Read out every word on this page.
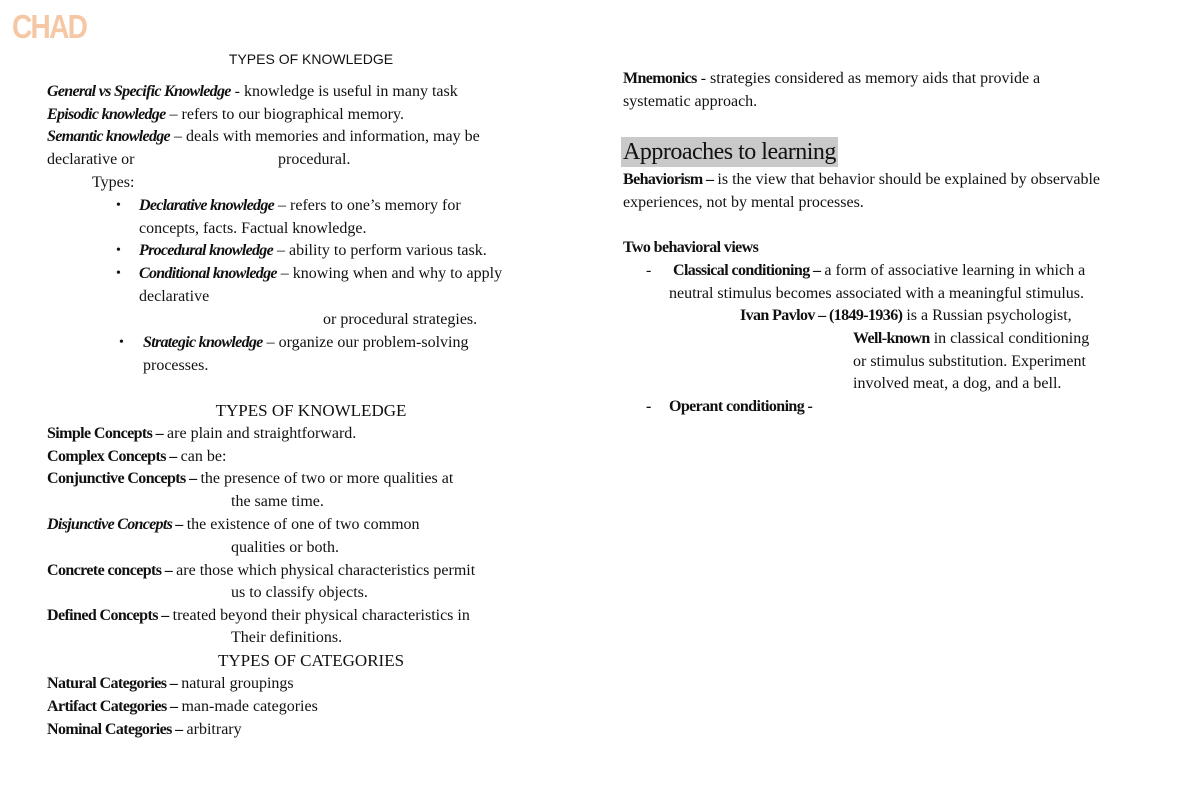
CHAD
TYPES OF KNOWLEDGE
General vs Specific Knowledge - knowledge is useful in many task
Episodic knowledge – refers to our biographical memory.
Semantic knowledge – deals with memories and information, may be
declarative or	procedural.
Types:
• Declarative knowledge – refers to one’s memory for
concepts, facts. Factual knowledge.
• Procedural knowledge – ability to perform various task.
• Conditional knowledge – knowing when and why to apply
declarative
or procedural strategies.
• Strategic knowledge – organize our problem-solving
processes.
TYPES OF KNOWLEDGE
Simple Concepts – are plain and straightforward.
Complex Concepts – can be:
Conjunctive Concepts – the presence of two or more qualities at
the same time.
Disjunctive Concepts – the existence of one of two common
qualities or both.
Concrete concepts – are those which physical characteristics permit
us to classify objects.
Defined Concepts – treated beyond their physical characteristics in
Their definitions.
TYPES OF CATEGORIES
Natural Categories – natural groupings
Artifact Categories – man-made categories
Nominal Categories – arbitrary
Mnemonics - strategies considered as memory aids that provide a
systematic approach.
Approaches to learning
Behaviorism – is the view that behavior should be explained by observable
experiences, not by mental processes.
Two behavioral views
- Classical conditioning – a form of associative learning in which a
neutral stimulus becomes associated with a meaningful stimulus.
Ivan Pavlov – (1849-1936) is a Russian psychologist,
Well-known in classical conditioning
or stimulus substitution. Experiment
involved meat, a dog, and a bell.
- Operant conditioning -
